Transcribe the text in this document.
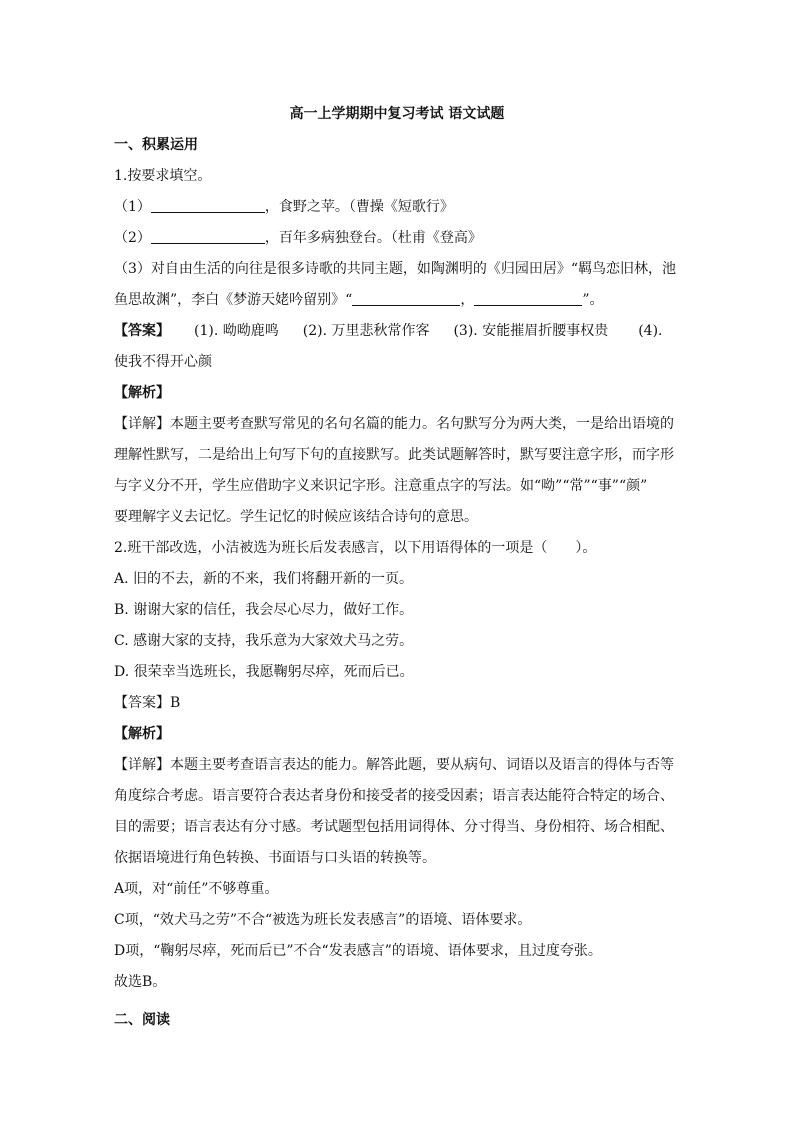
高一上学期期中复习考试 语文试题
一、积累运用
1.按要求填空。
（1）	，食野之苹。（曹操《短歌行》
（2）	，百年多病独登台。（杜甫《登高》
（3）对自由生活的向往是很多诗歌的共同主题，如陶渊明的《归园田居》“羁鸟恋旧林，池
鱼思故渊”，李白《梦游天姥吟留别》“	，	”。
【答案】 (1). 呦呦鹿鸣 (2). 万里悲秋常作客 (3). 安能摧眉折腰事权贵 (4).
使我不得开心颜
【解析】
【详解】本题主要考查默写常见的名句名篇的能力。名句默写分为两大类，一是给出语境的
理解性默写，二是给出上句写下句的直接默写。此类试题解答时，默写要注意字形，而字形
与字义分不开，学生应借助字义来识记字形。注意重点字的写法。如“呦”“常”“事”“颜”
要理解字义去记忆。学生记忆的时候应该结合诗句的意思。
2.班干部改选，小洁被选为班长后发表感言，以下用语得体的一项是（　　）。
A. 旧的不去，新的不来，我们将翻开新的一页。
B. 谢谢大家的信任，我会尽心尽力，做好工作。
C. 感谢大家的支持，我乐意为大家效犬马之劳。
D. 很荣幸当选班长，我愿鞠躬尽瘁，死而后已。
【答案】B
【解析】
【详解】本题主要考查语言表达的能力。解答此题，要从病句、词语以及语言的得体与否等
角度综合考虑。语言要符合表达者身份和接受者的接受因素；语言表达能符合特定的场合、
目的需要；语言表达有分寸感。考试题型包括用词得体、分寸得当、身份相符、场合相配、
依据语境进行角色转换、书面语与口头语的转换等。
A项，对“前任”不够尊重。
C项，“效犬马之劳”不合“被选为班长发表感言”的语境、语体要求。
D项，“鞠躬尽瘁，死而后已”不合“发表感言”的语境、语体要求，且过度夸张。
故选B。
二、阅读
